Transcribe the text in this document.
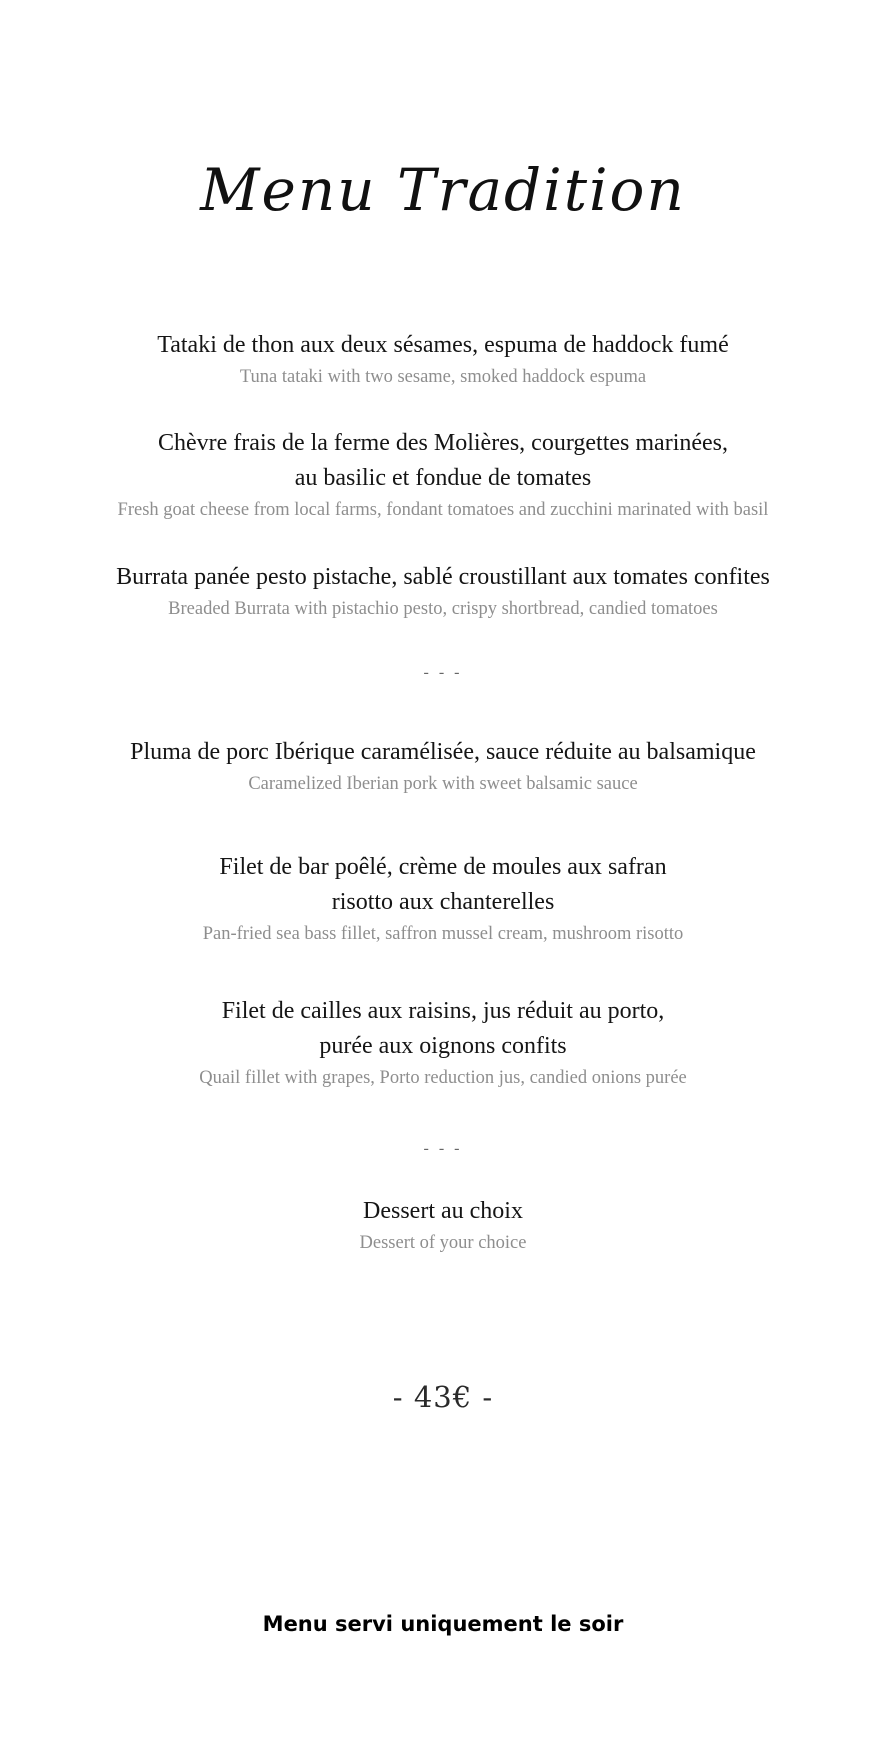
Menu Tradition

Tataki de thon aux deux sésames, espuma de haddock fumé

Tuna tataki with two sesame, smoked haddock espuma

Chèvre frais de la ferme des Molières, courgettes marinées,

au basilic et fondue de tomates

Fresh goat cheese from local farms, fondant tomatoes and zucchini marinated with basil

Burrata panée pesto pistache, sablé croustillant aux tomates confites

Breaded Burrata with pistachio pesto, crispy shortbread, candied tomatoes

- - -

Pluma de porc Ibérique caramélisée, sauce réduite au balsamique

Caramelized Iberian pork with sweet balsamic sauce

Filet de bar poêlé, crème de moules aux safran

risotto aux chanterelles

Pan-fried sea bass fillet, saffron mussel cream, mushroom risotto

Filet de cailles aux raisins, jus réduit au porto,

purée aux oignons confits

Quail fillet with grapes, Porto reduction jus, candied onions purée

- - -

Dessert au choix

Dessert of your choice

- 43€ -
Menu servi uniquement le soir
